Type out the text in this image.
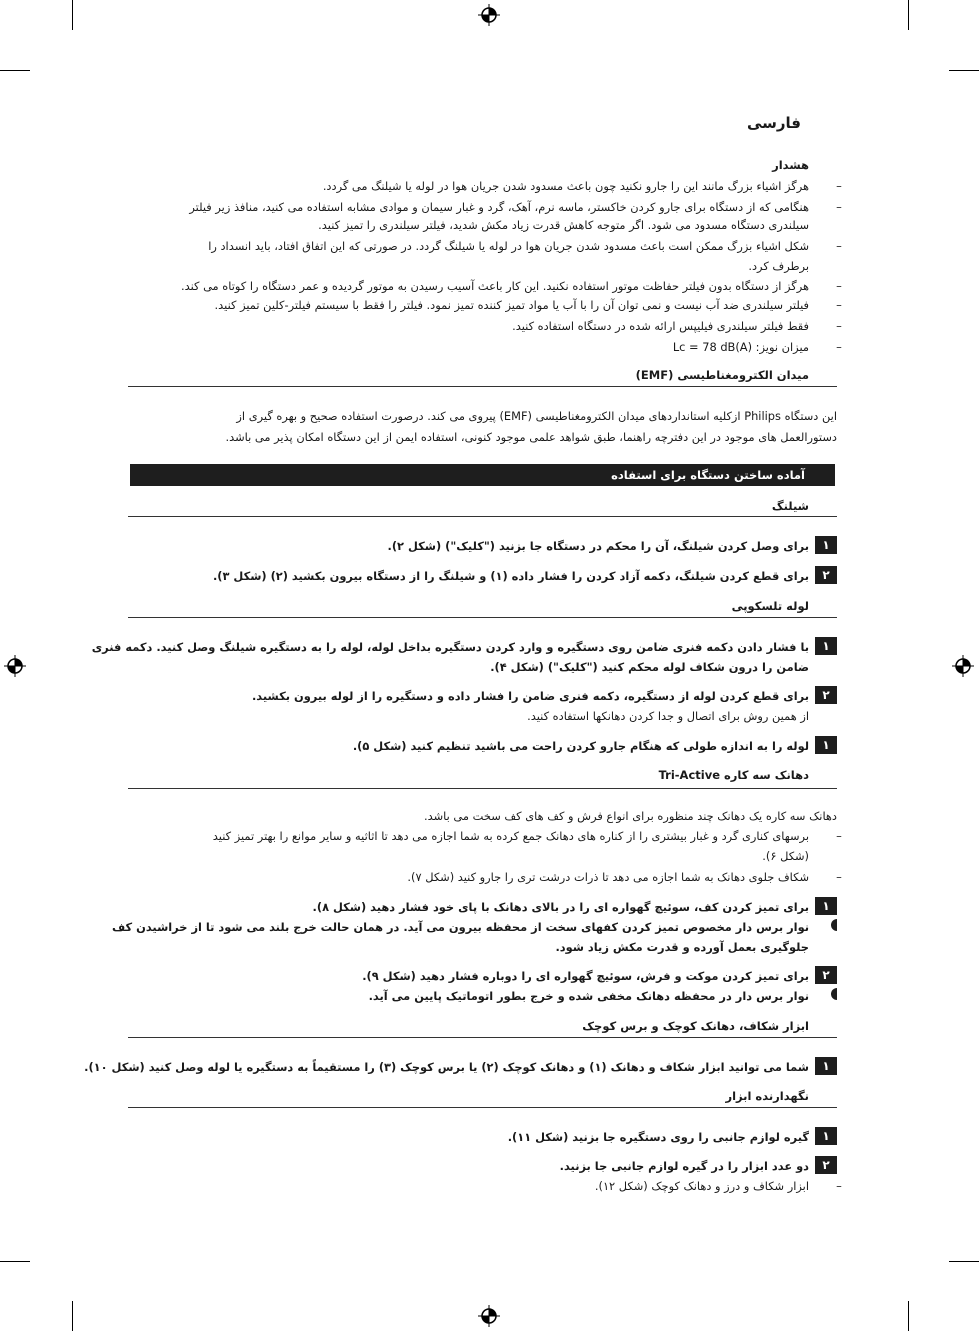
فارسی
هشدار
–
هرگز اشیاء بزرگ مانند این را جارو نکنید چون باعث مسدود شدن جریان هوا در لوله یا شیلنگ می گردد.
–
هنگامی که از دستگاه برای جارو کردن خاکستر، ماسه نرم، آهک، گرد و غبار سیمان و موادی مشابه استفاده می کنید، منافذ زیر فیلتر
سیلندری دستگاه مسدود می شود. اگر متوجه کاهش قدرت زیاد مکش شدید، فیلتر سیلندری را تمیز کنید.
–
شکل اشیاء بزرگ ممکن است باعث مسدود شدن جریان هوا در لوله یا شیلنگ گردد. در صورتی که این اتفاق افتاد، باید انسداد را
برطرف کرد.
–
هرگز از دستگاه بدون فیلتر حفاظت موتور استفاده نکنید. این کار باعث آسیب رسیدن به موتور گردیده و عمر دستگاه را کوتاه می کند.
–
فیلتر سیلندری ضد آب نیست و نمی توان آن را با آب یا مواد تمیز کننده تمیز نمود. فیلتر را فقط با سیستم فیلتر-کلین تمیز کنید.
–
فقط فیلتر سیلندری فیلیپس ارائه شده در دستگاه استفاده کنید.
–
میزان نویز: Lc = 78 dB(A)
میدان الکترومغناطیسی (EMF)
این دستگاه Philips ازکلیه استانداردهای میدان الکترومغناطیسی (EMF) پیروی می کند. درصورت استفاده صحیح و بهره گیری از
دستورالعمل های موجود در این دفترچه راهنما، طبق شواهد علمی موجود کنونی، استفاده ایمن از این دستگاه امکان پذیر می باشد.
آماده ساختن دستگاه برای استفاده
شیلنگ
۱
برای وصل کردن شیلنگ، آن را محکم در دستگاه جا بزنید ("کلیک") (شکل ۲).
۲
برای قطع کردن شیلنگ، دکمه آزاد کردن را فشار داده (۱) و شیلنگ را از دستگاه بیرون بکشید (۲) (شکل ۳).
لوله تلسکوپی
۱
با فشار دادن دکمه فنری ضامن روی دستگیره و وارد کردن دستگیره بداخل لوله، لوله را به دستگیره شیلنگ وصل کنید. دکمه فنری
ضامن را درون شکاف لوله محکم کنید ("کلیک") (شکل ۴).
۲
برای قطع کردن لوله از دستگیره، دکمه فنری ضامن را فشار داده و دستگیره را از لوله بیرون بکشید.
از همین روش برای اتصال و جدا کردن دهانکها استفاده کنید.
۱
لوله را به اندازه طولی که هنگام جارو کردن راحت می باشید تنظیم کنید (شکل ۵).
دهانک سه کاره Tri-Active
دهانک سه کاره یک دهانک چند منظوره برای انواع فرش و کف های کف سخت می باشد.
–
برسهای کناری گرد و غبار بیشتری را از کناره های دهانک جمع کرده به شما اجازه می دهد تا اثاثیه و سایر موانع را بهتر تمیز کنید
(شکل ۶).
–
شکاف جلوی دهانک به شما اجازه می دهد تا ذرات درشت تری را جارو کنید (شکل ۷).
۱
برای تمیز کردن کف، سوئیچ گهواره ای را در بالای دهانک با پای خود فشار دهید (شکل ۸).
نوار برس دار مخصوص تمیز کردن کفهای سخت از محفظه بیرون می آید. در همان حالت خرج بلند می شود تا از خراشیدن کف
جلوگیری بعمل آورده و قدرت مکش زیاد شود.
۲
برای تمیز کردن موکت و فرش، سوئیچ گهواره ای را دوباره فشار دهید (شکل ۹).
نوار برس دار در محفظه دهانک مخفی شده و خرج بطور اتوماتیک پایین می آید.
ابزار شکاف، دهانک کوچک و برس کوچک
۱
شما می توانید ابزار شکاف و دهانک (۱) و دهانک کوچک (۲) یا برس کوچک (۳) را مستقیماً به دستگیره یا لوله وصل کنید (شکل ۱۰).
نگهدارنده ابزار
۱
گیره لوازم جانبی را روی دستگیره جا بزنید (شکل ۱۱).
۲
دو عدد ابزار را در گیره لوازم جانبی جا بزنید.
–
ابزار شکاف و درز و دهانک کوچک (شکل ۱۲).
